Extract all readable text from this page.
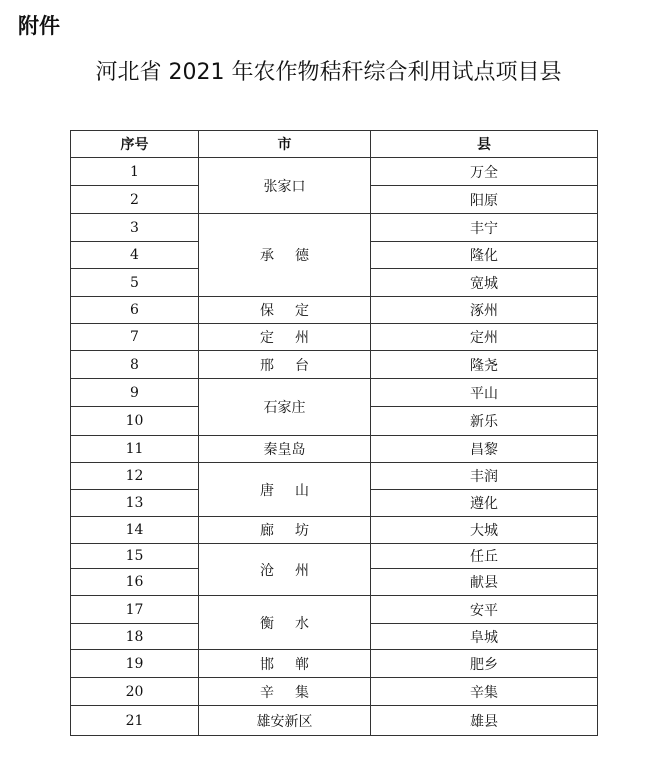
附件
河北省 2021 年农作物秸秆综合利用试点项目县
序号	市	县
1	张家口	万全
2		阳原
3	承德	丰宁
4		隆化
5		宽城
6	保定	涿州
7	定州	定州
8	邢台	隆尧
9	石家庄	平山
10		新乐
11	秦皇岛	昌黎
12	唐山	丰润
13		遵化
14	廊坊	大城
15	沧州	任丘
16		献县
17	衡水	安平
18		阜城
19	邯郸	肥乡
20	辛集	辛集
21	雄安新区	雄县
